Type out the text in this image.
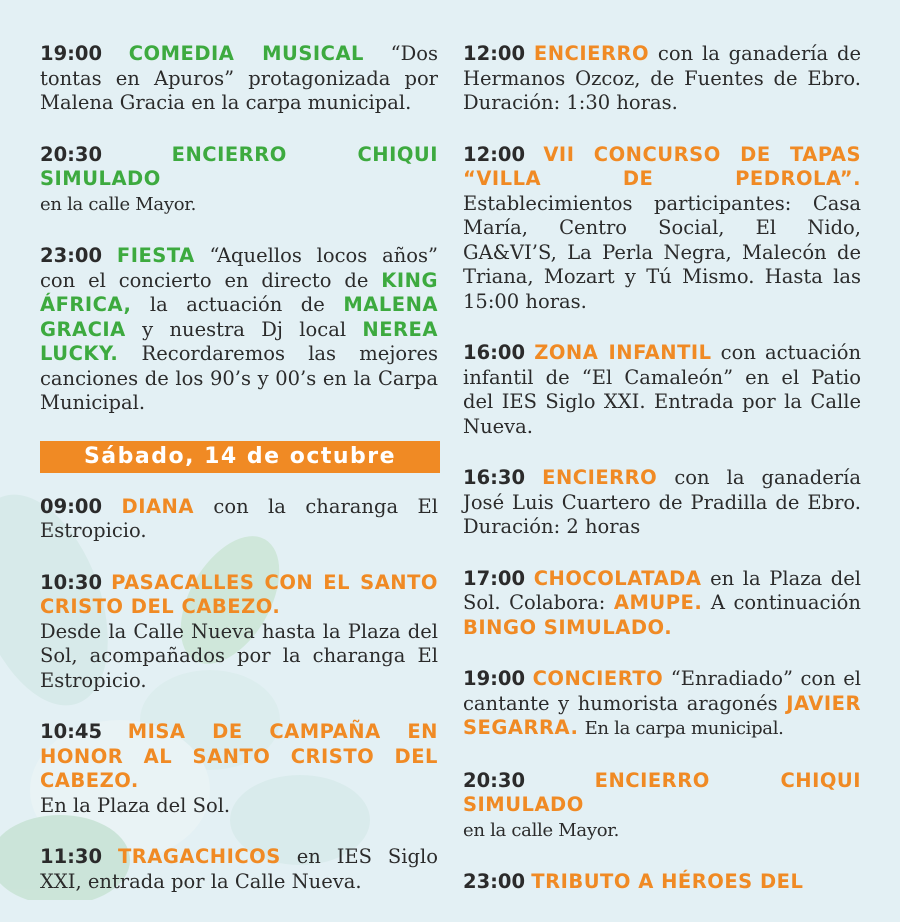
19:00 COMEDIA MUSICAL “Dos tontas en Apuros” protagonizada por Malena Gracia en la carpa municipal.

20:30	ENCIERRO CHIQUI SIMULADO
en la calle Mayor.

23:00 FIESTA “Aquellos locos años” con el concierto en directo de KING ÁFRICA, la actuación de MALENA GRACIA y nuestra Dj local NEREA LUCKY. Recordaremos las mejores canciones de los 90’s y 00’s en la Carpa Municipal.

Sábado, 14 de octubre

09:00 DIANA con la charanga El Estropicio.

10:30 PASACALLES CON EL SANTO CRISTO DEL CABEZO.
Desde la Calle Nueva hasta la Plaza del Sol, acompañados por la charanga El Estropicio.

10:45 MISA DE CAMPAÑA EN HONOR AL SANTO CRISTO DEL CABEZO.
En la Plaza del Sol.

11:30 TRAGACHICOS en IES Siglo XXI, entrada por la Calle Nueva.

12:00 ENCIERRO con la ganadería de Hermanos Ozcoz, de Fuentes de Ebro. Duración: 1:30 horas.

12:00 VII CONCURSO DE TAPAS “VILLA DE PEDROLA”. Establecimientos participantes: Casa María, Centro Social, El Nido, GA&VI’S, La Perla Negra, Malecón de Triana, Mozart y Tú Mismo. Hasta las 15:00 horas.

16:00 ZONA INFANTIL con actuación infantil de “El Camaleón” en el Patio del IES Siglo XXI. Entrada por la Calle Nueva.

16:30 ENCIERRO con la ganadería José Luis Cuartero de Pradilla de Ebro. Duración: 2 horas

17:00 CHOCOLATADA en la Plaza del Sol. Colabora: AMUPE. A continuación BINGO SIMULADO.

19:00 CONCIERTO “Enradiado” con el cantante y humorista aragonés JAVIER SEGARRA. En la carpa municipal.

20:30	ENCIERRO CHIQUI SIMULADO
en la calle Mayor.

23:00 TRIBUTO A HÉROES DEL
